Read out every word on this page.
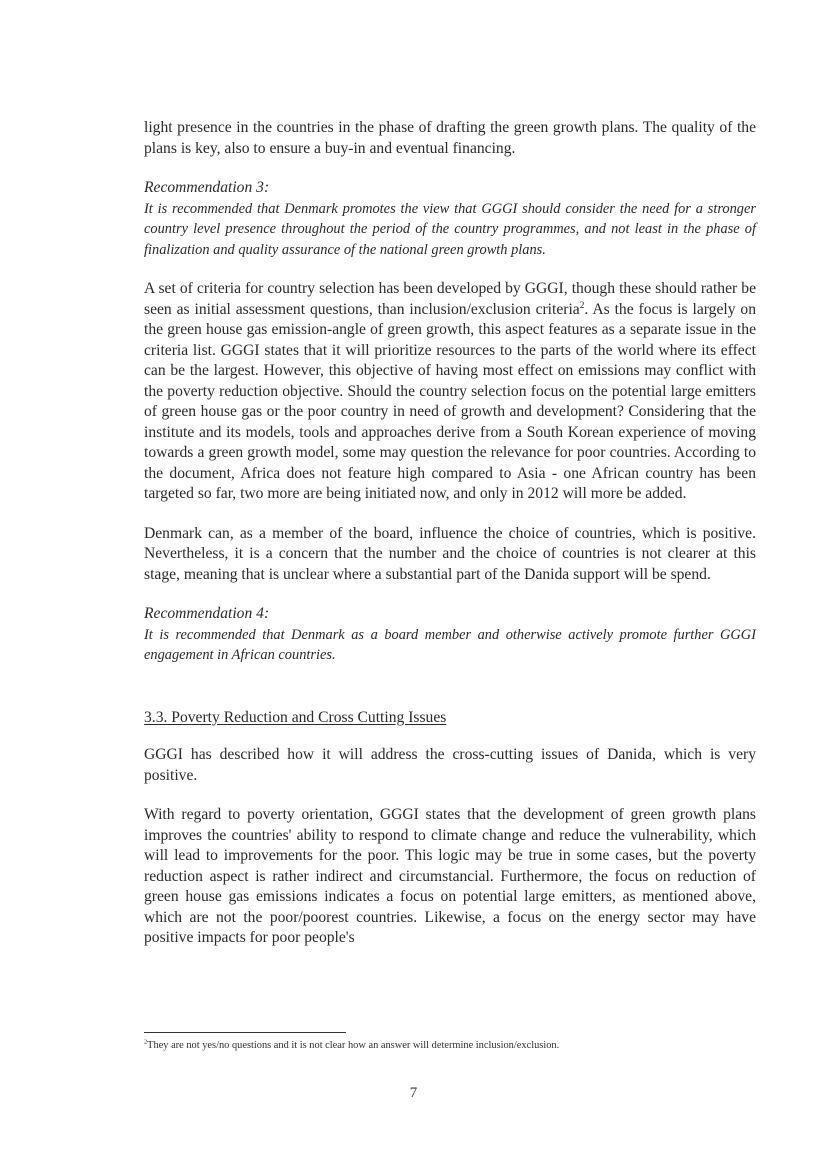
light presence in the countries in the phase of drafting the green growth plans. The quality of the plans is key, also to ensure a buy-in and eventual financing.

Recommendation 3:

It is recommended that Denmark promotes the view that GGGI should consider the need for a stronger country level presence throughout the period of the country programmes, and not least in the phase of finalization and quality assurance of the national green growth plans.

A set of criteria for country selection has been developed by GGGI, though these should rather be seen as initial assessment questions, than inclusion/exclusion criteria$^2$. As the focus is largely on the green house gas emission-angle of green growth, this aspect features as a separate issue in the criteria list. GGGI states that it will prioritize resources to the parts of the world where its effect can be the largest. However, this objective of having most effect on emissions may conflict with the poverty reduction objective. Should the country selection focus on the potential large emitters of green house gas or the poor country in need of growth and development? Considering that the institute and its models, tools and approaches derive from a South Korean experience of moving towards a green growth model, some may question the relevance for poor countries. According to the document, Africa does not feature high compared to Asia - one African country has been targeted so far, two more are being initiated now, and only in 2012 will more be added.

Denmark can, as a member of the board, influence the choice of countries, which is positive. Nevertheless, it is a concern that the number and the choice of countries is not clearer at this stage, meaning that is unclear where a substantial part of the Danida support will be spend.

Recommendation 4:

It is recommended that Denmark as a board member and otherwise actively promote further GGGI engagement in African countries.

3.3. Poverty Reduction and Cross Cutting Issues

GGGI has described how it will address the cross-cutting issues of Danida, which is very positive.

With regard to poverty orientation, GGGI states that the development of green growth plans improves the countries' ability to respond to climate change and reduce the vulnerability, which will lead to improvements for the poor. This logic may be true in some cases, but the poverty reduction aspect is rather indirect and circumstancial. Furthermore, the focus on reduction of green house gas emissions indicates a focus on potential large emitters, as mentioned above, which are not the poor/poorest countries. Likewise, a focus on the energy sector may have positive impacts for poor people's

$^2$They are not yes/no questions and it is not clear how an answer will determine inclusion/exclusion.
7
